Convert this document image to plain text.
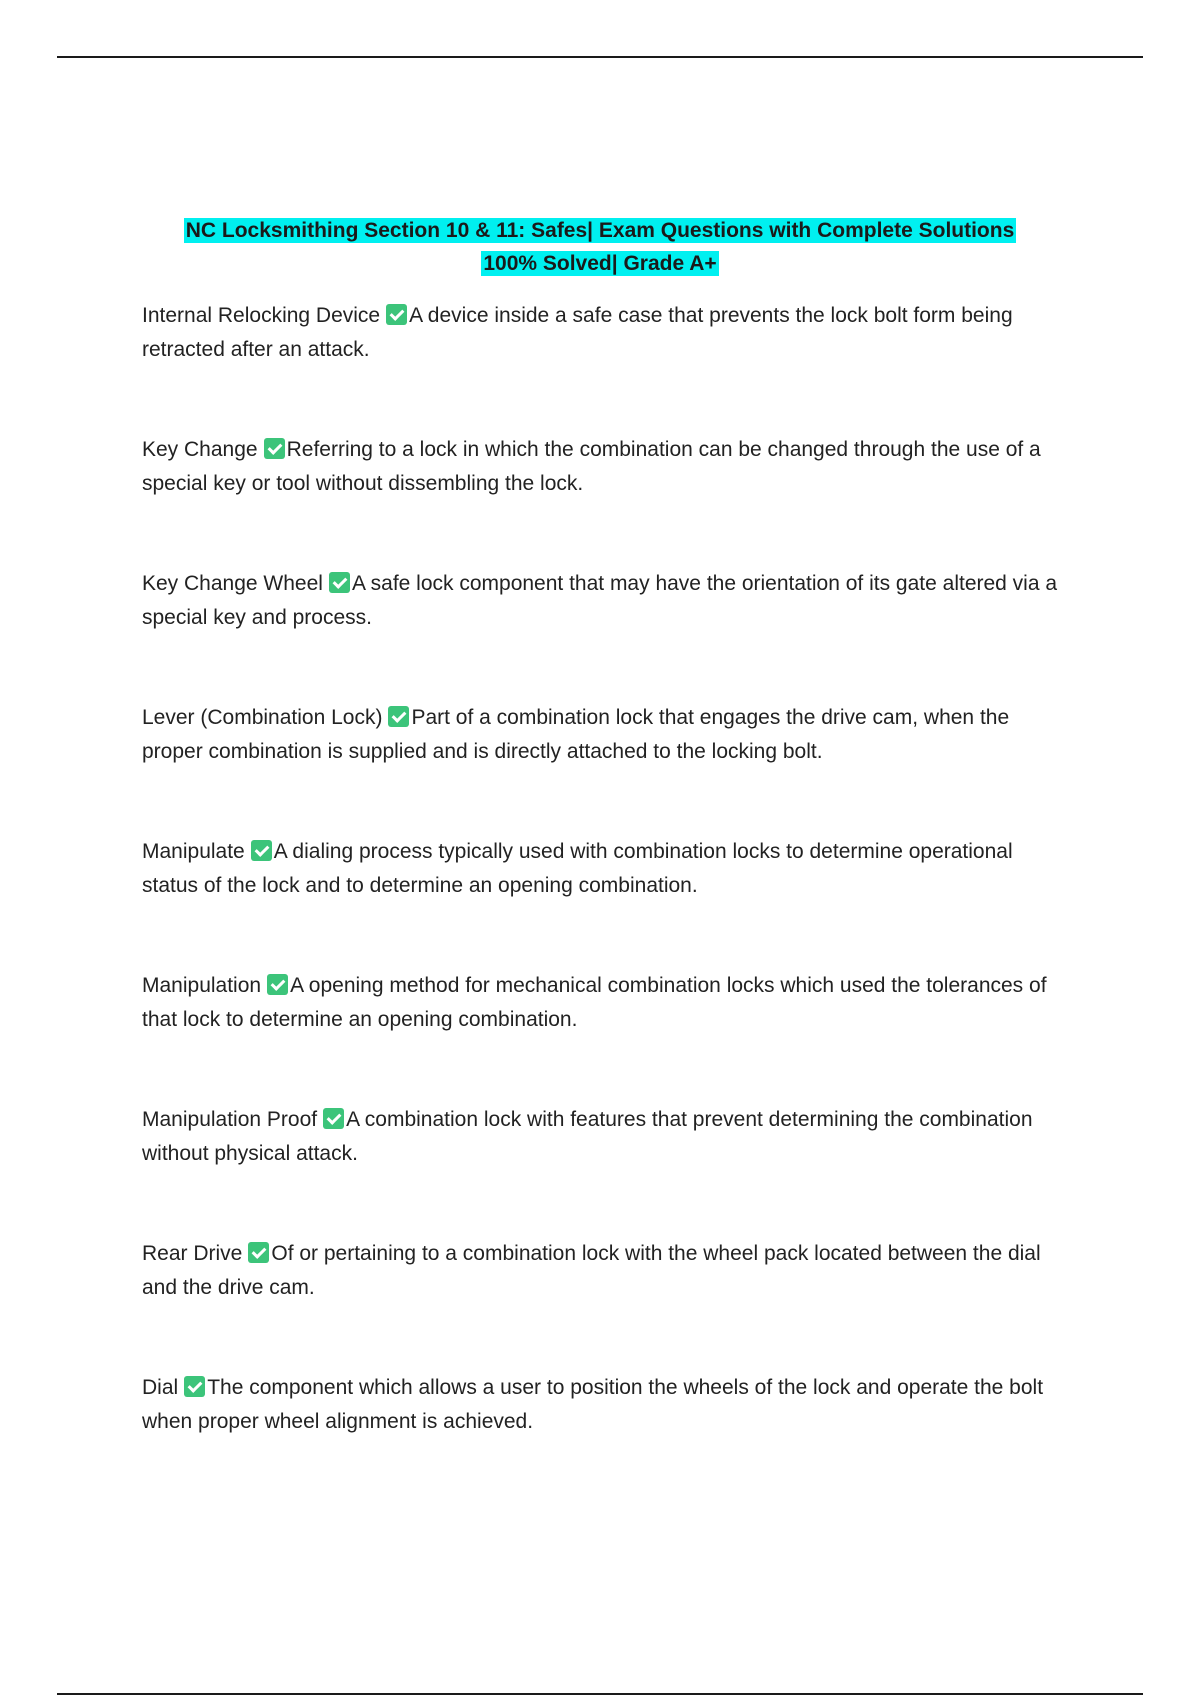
NC Locksmithing Section 10 & 11: Safes| Exam Questions with Complete Solutions 100% Solved| Grade A+
Internal Relocking Device A device inside a safe case that prevents the lock bolt form being retracted after an attack.
Key Change Referring to a lock in which the combination can be changed through the use of a special key or tool without dissembling the lock.
Key Change Wheel A safe lock component that may have the orientation of its gate altered via a special key and process.
Lever (Combination Lock) Part of a combination lock that engages the drive cam, when the proper combination is supplied and is directly attached to the locking bolt.
Manipulate A dialing process typically used with combination locks to determine operational status of the lock and to determine an opening combination.
Manipulation A opening method for mechanical combination locks which used the tolerances of that lock to determine an opening combination.
Manipulation Proof A combination lock with features that prevent determining the combination without physical attack.
Rear Drive Of or pertaining to a combination lock with the wheel pack located between the dial and the drive cam.
Dial The component which allows a user to position the wheels of the lock and operate the bolt when proper wheel alignment is achieved.
